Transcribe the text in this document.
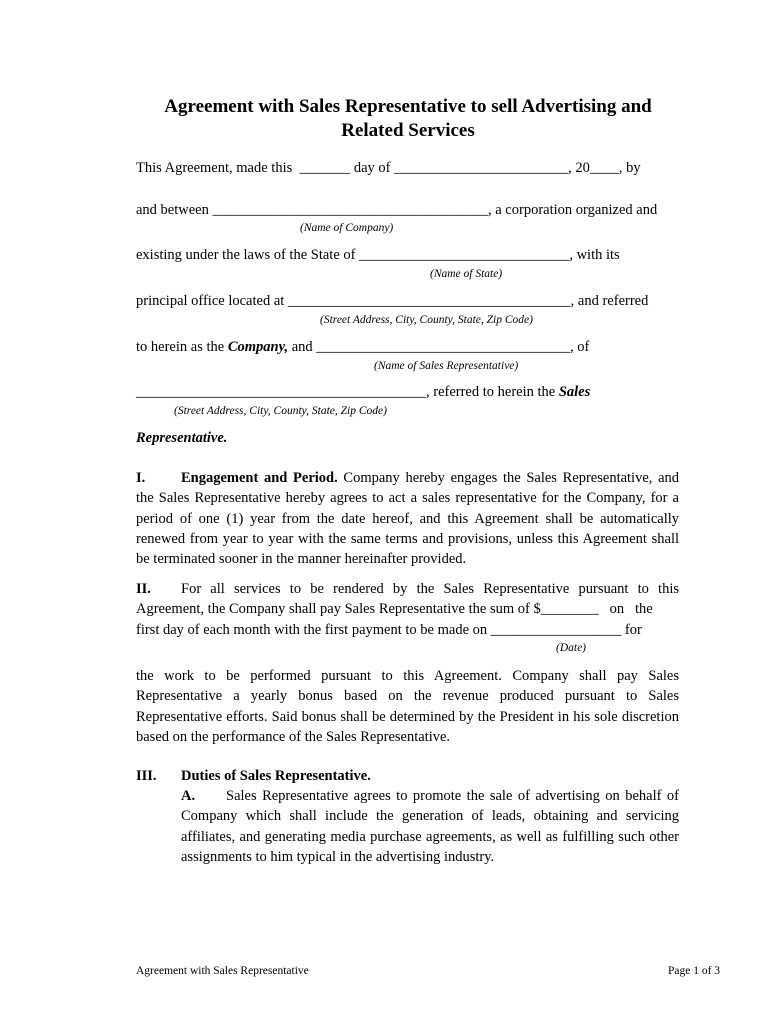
Agreement with Sales Representative to sell Advertising and
Related Services
This Agreement, made this  _______ day of ________________________, 20____, by
and between ______________________________________, a corporation organized and
(Name of Company)
existing under the laws of the State of _____________________________, with its
(Name of State)
principal office located at _______________________________________, and referred
(Street Address, City, County, State, Zip Code)
to herein as the Company, and ___________________________________, of
(Name of Sales Representative)
________________________________________, referred to herein the Sales
(Street Address, City, County, State, Zip Code)
Representative.

I. Engagement and Period. Company hereby engages the Sales Representative, and the Sales Representative hereby agrees to act a sales representative for the Company, for a period of one (1) year from the date hereof, and this Agreement shall be automatically renewed from year to year with the same terms and provisions, unless this Agreement shall be terminated sooner in the manner hereinafter provided.

II. For all services to be rendered by the Sales Representative pursuant to this
Agreement, the Company shall pay Sales Representative the sum of $________   on   the
first day of each month with the first payment to be made on __________________ for
(Date)

the work to be performed pursuant to this Agreement. Company shall pay Sales Representative a yearly bonus based on the revenue produced pursuant to Sales Representative efforts. Said bonus shall be determined by the President in his sole discretion based on the performance of the Sales Representative.

III. Duties of Sales Representative.

A. Sales Representative agrees to promote the sale of advertising on behalf of Company which shall include the generation of leads, obtaining and servicing affiliates, and generating media purchase agreements, as well as fulfilling such other assignments to him typical in the advertising industry.

Agreement with Sales Representative	Page 1 of 3
